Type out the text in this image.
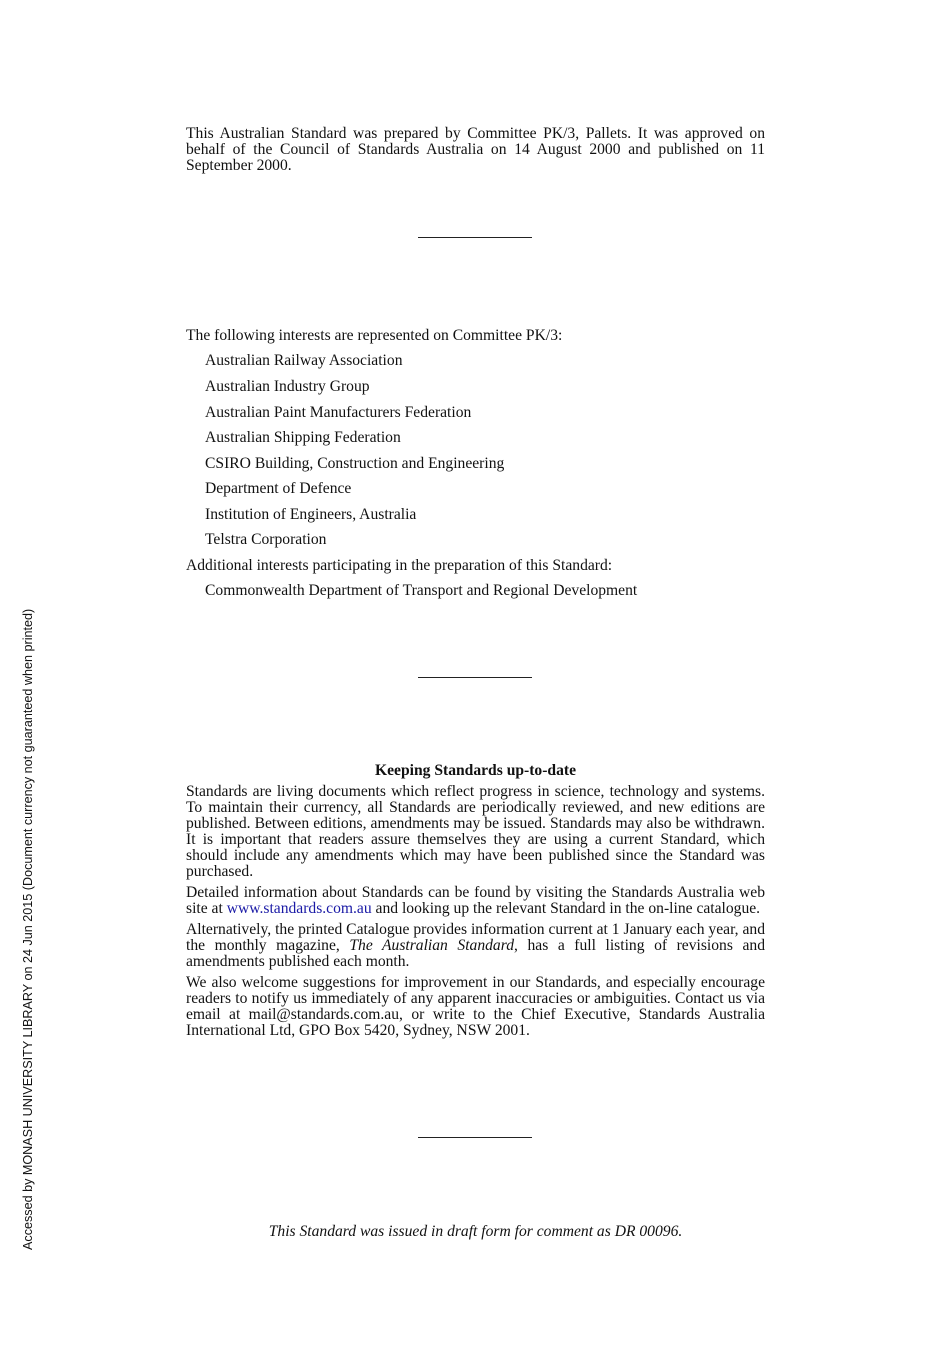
Accessed by MONASH UNIVERSITY LIBRARY on 24 Jun 2015 (Document currency not guaranteed when printed)

This Australian Standard was prepared by Committee PK/3, Pallets. It was approved on behalf of the Council of Standards Australia on 14 August 2000 and published on 11 September 2000.

The following interests are represented on Committee PK/3:
Australian Railway Association
Australian Industry Group
Australian Paint Manufacturers Federation
Australian Shipping Federation
CSIRO Building, Construction and Engineering
Department of Defence
Institution of Engineers, Australia
Telstra Corporation
Additional interests participating in the preparation of this Standard:
Commonwealth Department of Transport and Regional Development
Keeping Standards up-to-date

Standards are living documents which reflect progress in science, technology and systems. To maintain their currency, all Standards are periodically reviewed, and new editions are published. Between editions, amendments may be issued. Standards may also be withdrawn. It is important that readers assure themselves they are using a current Standard, which should include any amendments which may have been published since the Standard was purchased.

Detailed information about Standards can be found by visiting the Standards Australia web site at www.standards.com.au and looking up the relevant Standard in the on-line catalogue.

Alternatively, the printed Catalogue provides information current at 1 January each year, and the monthly magazine, The Australian Standard, has a full listing of revisions and amendments published each month.

We also welcome suggestions for improvement in our Standards, and especially encourage readers to notify us immediately of any apparent inaccuracies or ambiguities. Contact us via email at mail@standards.com.au, or write to the Chief Executive, Standards Australia International Ltd, GPO Box 5420, Sydney, NSW 2001.

This Standard was issued in draft form for comment as DR 00096.
